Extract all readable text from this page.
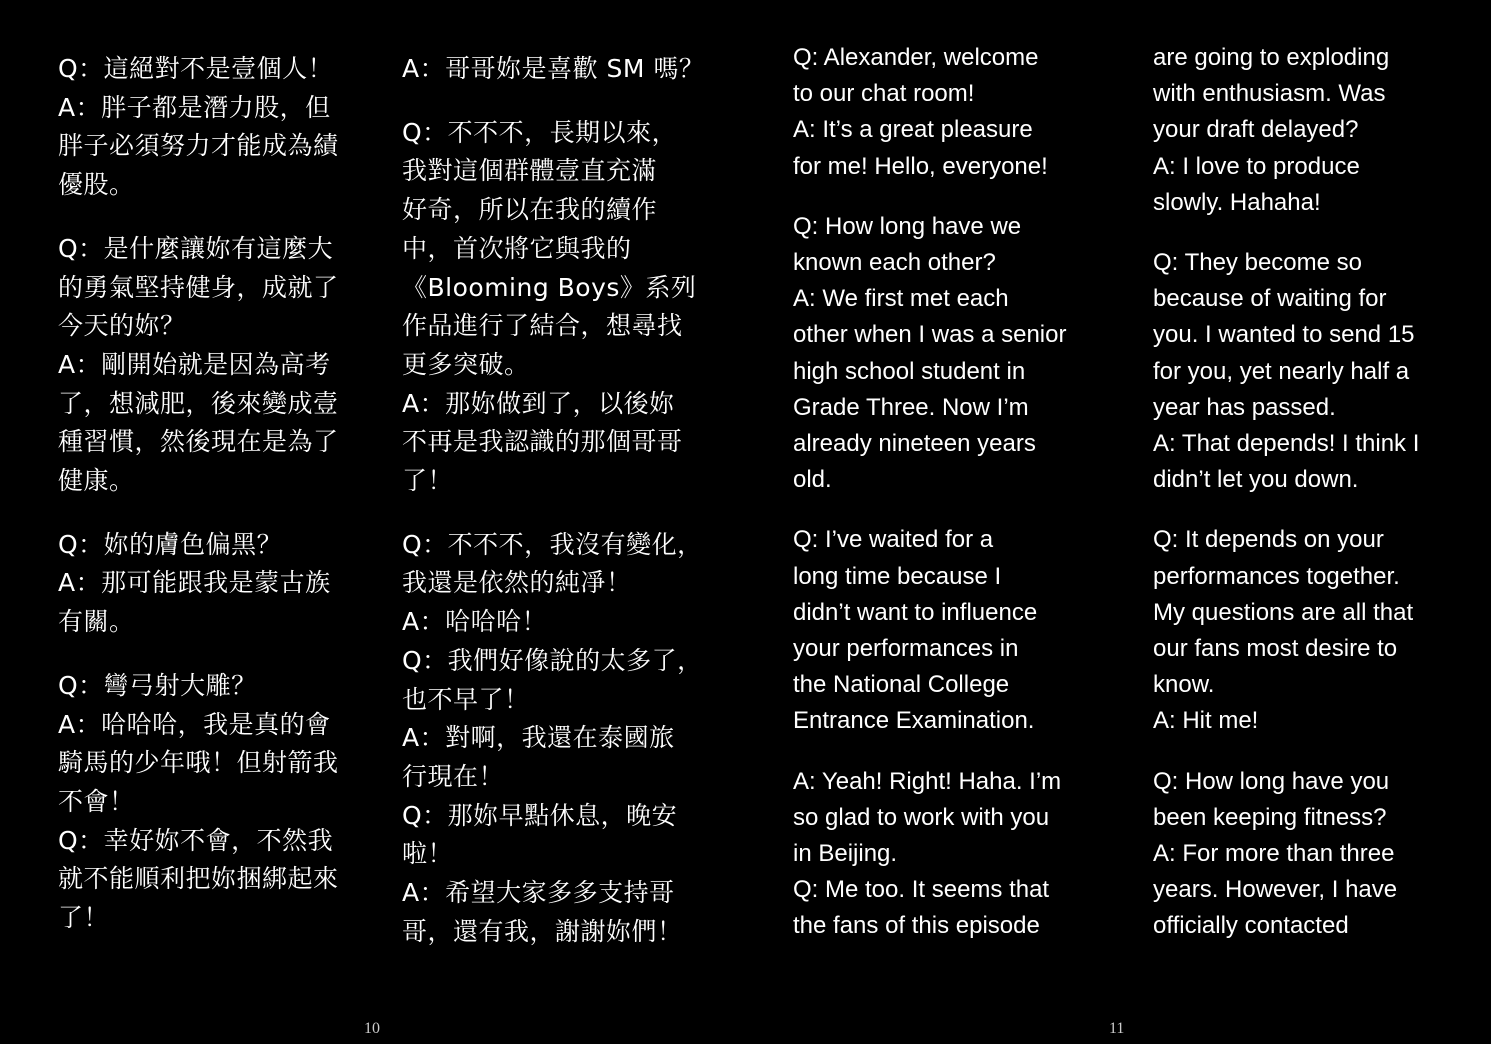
Q：這絕對不是壹個人！
A：胖子都是潛力股，但
胖子必須努力才能成為績
優股。
Q：是什麼讓妳有這麼大
的勇氣堅持健身，成就了
今天的妳？
A：剛開始就是因為高考
了，想減肥，後來變成壹
種習慣，然後現在是為了
健康。
Q：妳的膚色偏黑？
A：那可能跟我是蒙古族
有關。
Q：彎弓射大雕？
A：哈哈哈，我是真的會
騎馬的少年哦！但射箭我
不會！
Q：幸好妳不會，不然我
就不能順利把妳捆綁起來
了！
A：哥哥妳是喜歡 SM 嗎？
Q：不不不，長期以來，
我對這個群體壹直充滿
好奇，所以在我的續作
中，首次將它與我的
《Blooming Boys》系列
作品進行了結合，想尋找
更多突破。
A：那妳做到了，以後妳
不再是我認識的那個哥哥
了！
Q：不不不，我沒有變化，
我還是依然的純凈！
A：哈哈哈！
Q：我們好像說的太多了，
也不早了！
A：對啊，我還在泰國旅
行現在！
Q：那妳早點休息，晚安
啦！
A：希望大家多多支持哥
哥，還有我，謝謝妳們！
10
Q: Alexander, welcome
to our chat room!
A: It’s a great pleasure
for me! Hello, everyone!
Q: How long have we
known each other?
A: We first met each
other when I was a senior
high school student in
Grade Three. Now I’m
already nineteen years
old.
Q: I’ve waited for a
long time because I
didn’t want to influence
your performances in
the National College
Entrance Examination.
A: Yeah! Right! Haha. I’m
so glad to work with you
in Beijing.
Q: Me too. It seems that
the fans of this episode
are going to exploding
with enthusiasm. Was
your draft delayed?
A: I love to produce
slowly. Hahaha!
Q: They become so
because of waiting for
you. I wanted to send 15
for you, yet nearly half a
year has passed.
A: That depends! I think I
didn’t let you down.
Q: It depends on your
performances together.
My questions are all that
our fans most desire to
know.
A: Hit me!
Q: How long have you
been keeping fitness?
A: For more than three
years. However, I have
officially contacted
11
